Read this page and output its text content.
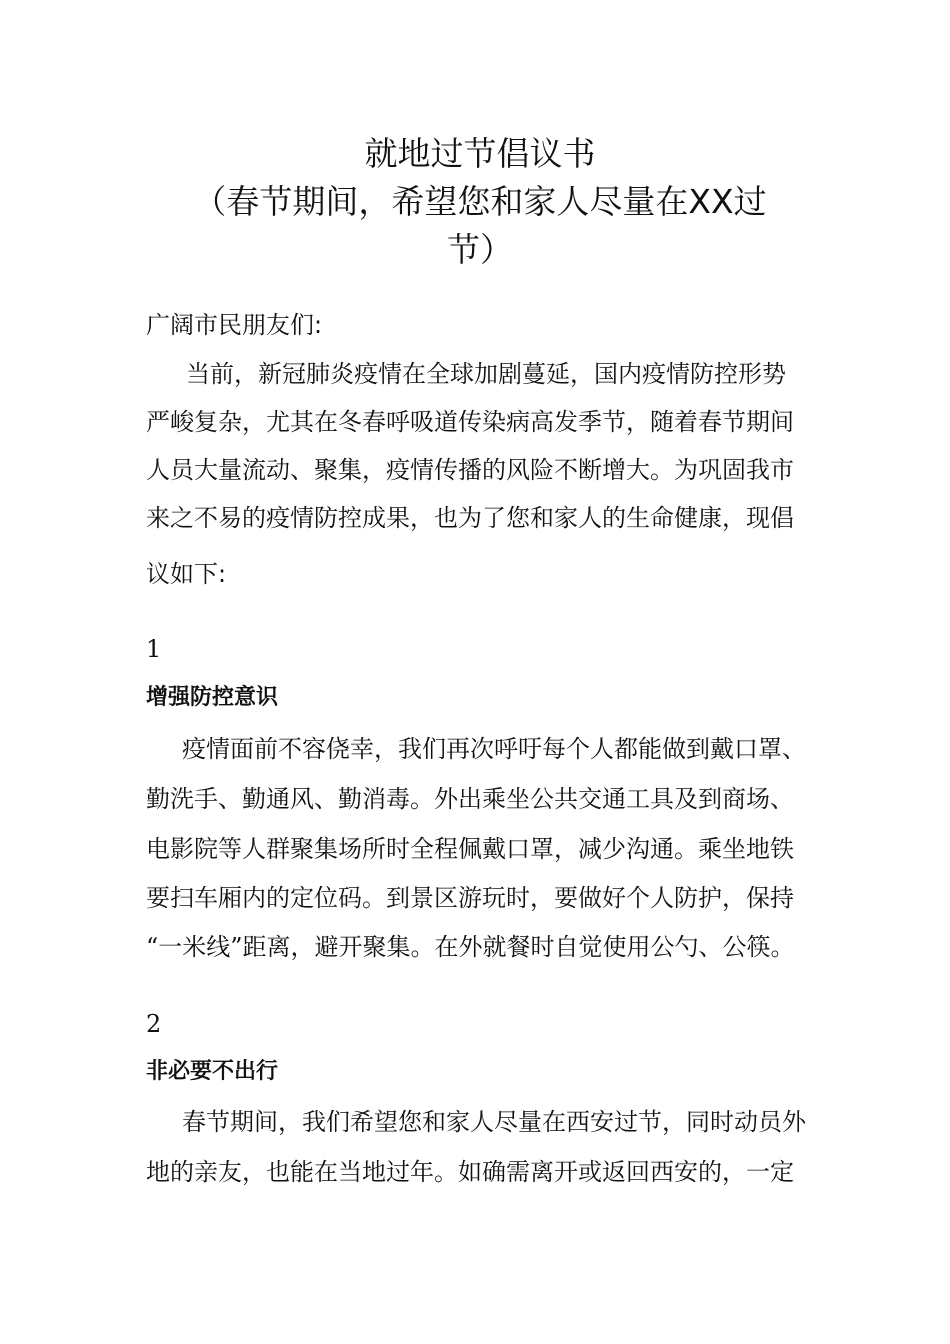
就地过节倡议书
（春节期间，希望您和家人尽量在XX过
节）
广阔市民朋友们:
当前，新冠肺炎疫情在全球加剧蔓延，国内疫情防控形势
严峻复杂，尤其在冬春呼吸道传染病高发季节，随着春节期间
人员大量流动、聚集，疫情传播的风险不断增大。为巩固我市
来之不易的疫情防控成果，也为了您和家人的生命健康，现倡
议如下:
1
增强防控意识
疫情面前不容侥幸，我们再次呼吁每个人都能做到戴口罩、
勤洗手、勤通风、勤消毒。外出乘坐公共交通工具及到商场、
电影院等人群聚集场所时全程佩戴口罩，减少沟通。乘坐地铁
要扫车厢内的定位码。到景区游玩时，要做好个人防护，保持
“一米线”距离，避开聚集。在外就餐时自觉使用公勺、公筷。
2
非必要不出行
春节期间，我们希望您和家人尽量在西安过节，同时动员外
地的亲友，也能在当地过年。如确需离开或返回西安的，一定
